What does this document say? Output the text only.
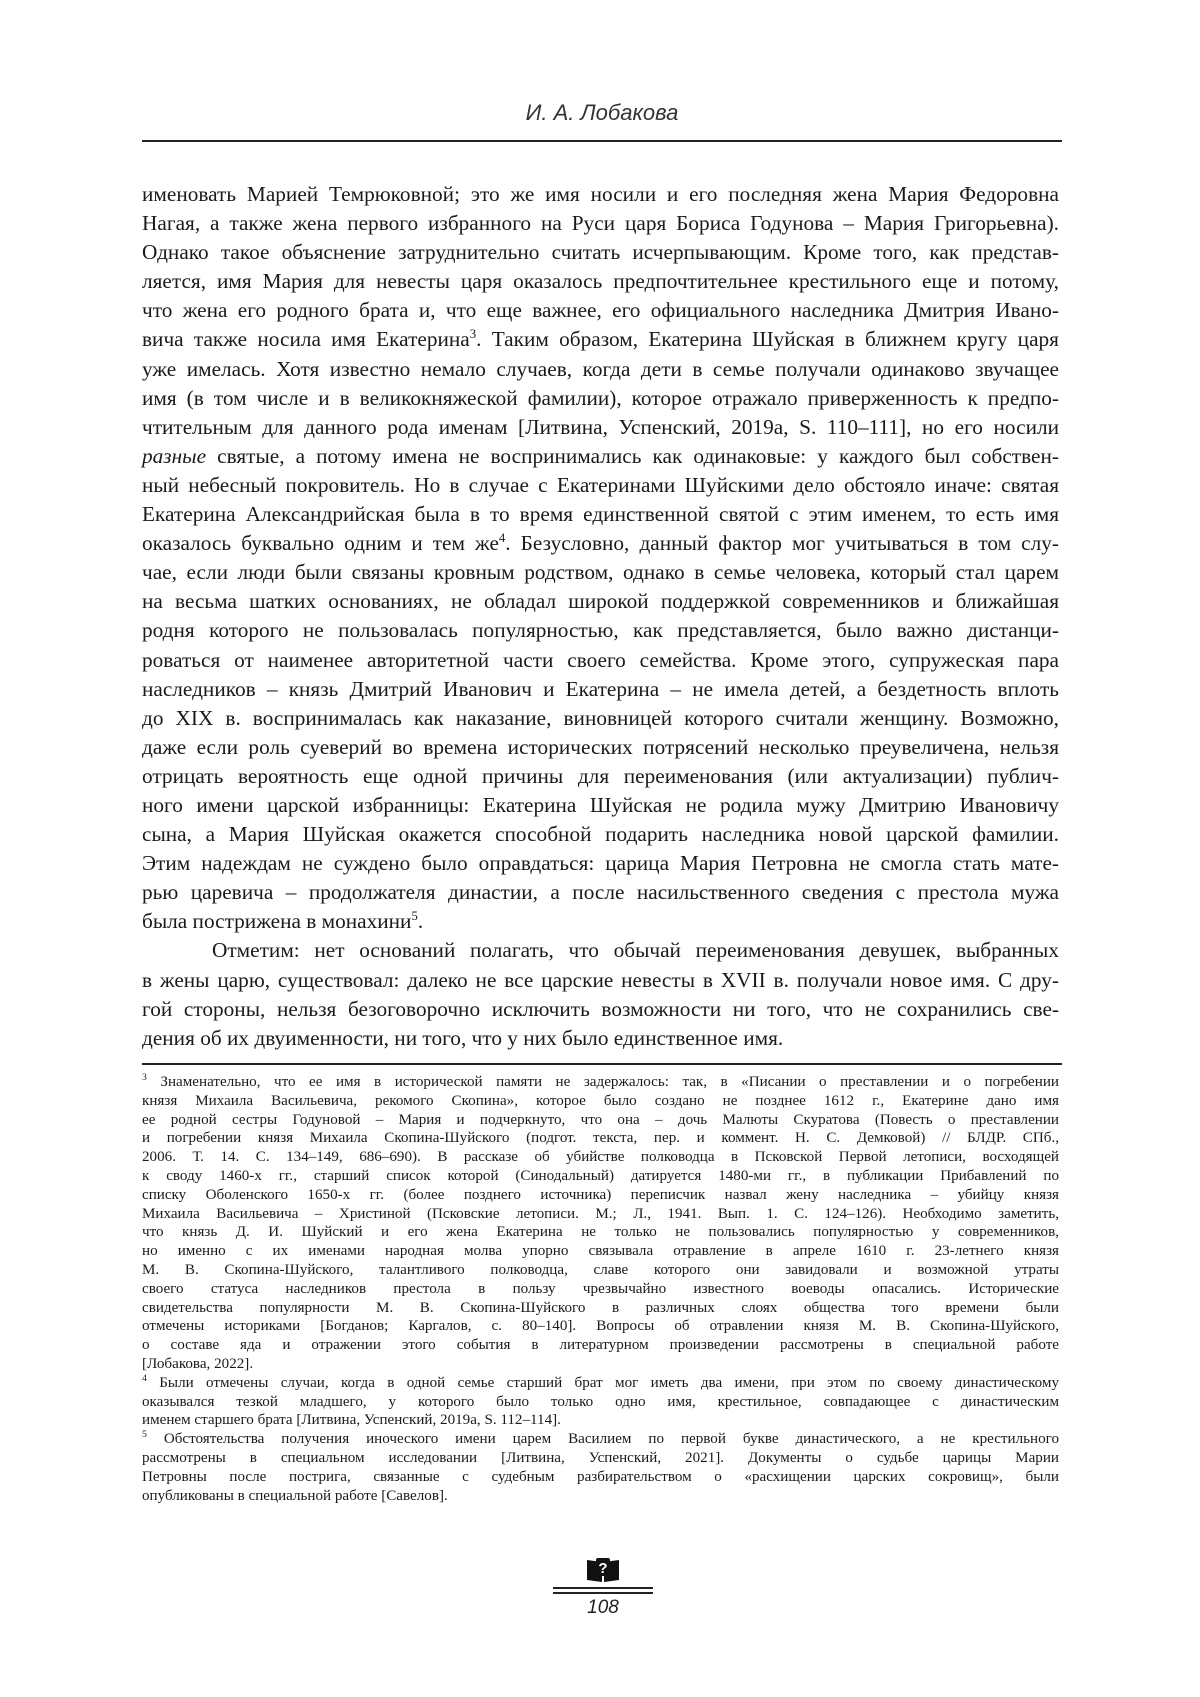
И. А. Лобакова
именовать Марией Темрюковной; это же имя носили и его последняя жена Мария Федоровна
Нагая, а также жена первого избранного на Руси царя Бориса Годунова – Мария Григорьевна).
Однако такое объяснение затруднительно считать исчерпывающим. Кроме того, как представ-
ляется, имя Мария для невесты царя оказалось предпочтительнее крестильного еще и потому,
что жена его родного брата и, что еще важнее, его официального наследника Дмитрия Ивано-
вича также носила имя Екатерина$^3$. Таким образом, Екатерина Шуйская в ближнем кругу царя
уже имелась. Хотя известно немало случаев, когда дети в семье получали одинаково звучащее
имя (в том числе и в великокняжеской фамилии), которое отражало приверженность к предпо-
чтительным для данного рода именам [Литвина, Успенский, 2019а, S. 110–111], но его носили
разные святые, а потому имена не воспринимались как одинаковые: у каждого был собствен-
ный небесный покровитель. Но в случае с Екатеринами Шуйскими дело обстояло иначе: святая
Екатерина Александрийская была в то время единственной святой с этим именем, то есть имя
оказалось буквально одним и тем $же^4$. Безусловно, данный фактор мог учитываться в том слу-
чае, если люди были связаны кровным родством, однако в семье человека, который стал царем
на весьма шатких основаниях, не обладал широкой поддержкой современников и ближайшая
родня которого не пользовалась популярностью, как представляется, было важно дистанци-
роваться от наименее авторитетной части своего семейства. Кроме этого, супружеская пара
наследников – князь Дмитрий Иванович и Екатерина – не имела детей, а бездетность вплоть
до XIX в. воспринималась как наказание, виновницей которого считали женщину. Возможно,
даже если роль суеверий во времена исторических потрясений несколько преувеличена, нельзя
отрицать вероятность еще одной причины для переименования (или актуализации) публич-
ного имени царской избранницы: Екатерина Шуйская не родила мужу Дмитрию Ивановичу
сына, а Мария Шуйская окажется способной подарить наследника новой царской фамилии.
Этим надеждам не суждено было оправдаться: царица Мария Петровна не смогла стать мате-
рью царевича – продолжателя династии, а после насильственного сведения с престола мужа
была пострижена в монахини$^5$.
Отметим: нет оснований полагать, что обычай переименования девушек, выбранных
в жены царю, существовал: далеко не все царские невесты в XVII в. получали новое имя. С дру-
гой стороны, нельзя безоговорочно исключить возможности ни того, что не сохранились све-
дения об их двуименности, ни того, что у них было единственное имя.
$^3$ Знаменательно, что ее имя в исторической памяти не задержалось: так, в «Писании о преставлении и о погребении
князя Михаила Васильевича, рекомого Скопина», которое было создано не позднее 1612 г., Екатерине дано имя
ее родной сестры Годуновой – Мария и подчеркнуто, что она – дочь Малюты Скуратова (Повесть о преставлении
и погребении князя Михаила Скопина-Шуйского (подгот. текста, пер. и коммент. Н. С. Демковой) // БЛДР. СПб.,
2006. Т. 14. С. 134–149, 686–690). В рассказе об убийстве полководца в Псковской Первой летописи, восходящей
к своду 1460-х гг., старший список которой (Синодальный) датируется 1480-ми гг., в публикации Прибавлений по
списку Оболенского 1650-х гг. (более позднего источника) переписчик назвал жену наследника – убийцу князя
Михаила Васильевича – Христиной (Псковские летописи. М.; Л., 1941. Вып. 1. С. 124–126). Необходимо заметить,
что князь Д. И. Шуйский и его жена Екатерина не только не пользовались популярностью у современников,
но именно с их именами народная молва упорно связывала отравление в апреле 1610 г. 23-летнего князя
М. В. Скопина-Шуйского, талантливого полководца, славе которого они завидовали и возможной утраты
своего статуса наследников престола в пользу чрезвычайно известного воеводы опасались. Исторические
свидетельства популярности М. В. Скопина-Шуйского в различных слоях общества того времени были
отмечены историками [Богданов; Каргалов, с. 80–140]. Вопросы об отравлении князя М. В. Скопина-Шуйского,
о составе яда и отражении этого события в литературном произведении рассмотрены в специальной работе
[Лобакова, 2022].
$^4$ Были отмечены случаи, когда в одной семье старший брат мог иметь два имени, при этом по своему династическому
оказывался тезкой младшего, у которого было только одно имя, крестильное, совпадающее с династическим
именем старшего брата [Литвина, Успенский, 2019а, S. 112–114].
$^5$ Обстоятельства получения иноческого имени царем Василием по первой букве династического, а не крестильного
рассмотрены в специальном исследовании [Литвина, Успенский, 2021]. Документы о судьбе царицы Марии
Петровны после пострига, связанные с судебным разбирательством о «расхищении царских сокровищ», были
опубликованы в специальной работе [Савелов].
?
108
